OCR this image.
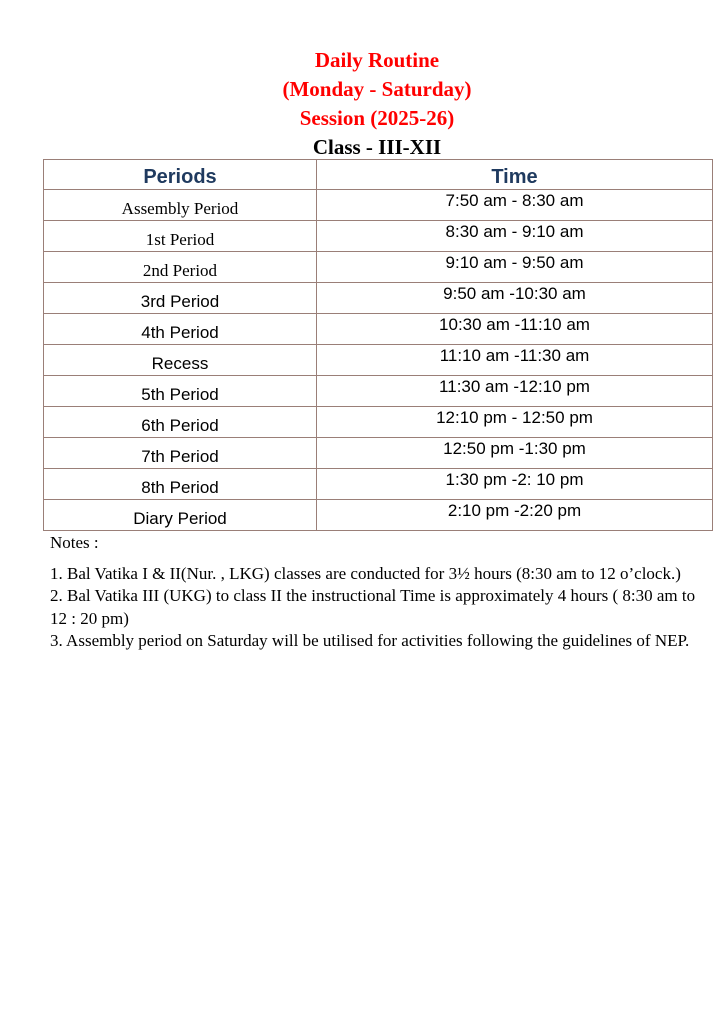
Daily Routine
(Monday - Saturday)
Session (2025-26)
Class - III-XII
Periods	Time
Assembly Period	7:50 am - 8:30 am
1st Period	8:30 am - 9:10 am
2nd Period	9:10 am - 9:50 am
3rd Period	9:50 am -10:30 am
4th Period	10:30 am -11:10 am
Recess	11:10 am -11:30 am
5th Period	11:30 am -12:10 pm
6th Period	12:10 pm - 12:50 pm
7th Period	12:50 pm -1:30 pm
8th Period	1:30 pm -2: 10 pm
Diary Period	2:10 pm -2:20 pm
Notes :

1. Bal Vatika I & II(Nur. , LKG) classes are conducted for 3½ hours (8:30 am to 12 o’clock.)

2. Bal Vatika III (UKG) to class II the instructional Time is approximately 4 hours ( 8:30 am to 12 : 20 pm)

3. Assembly period on Saturday will be utilised for activities following the guidelines of NEP.
